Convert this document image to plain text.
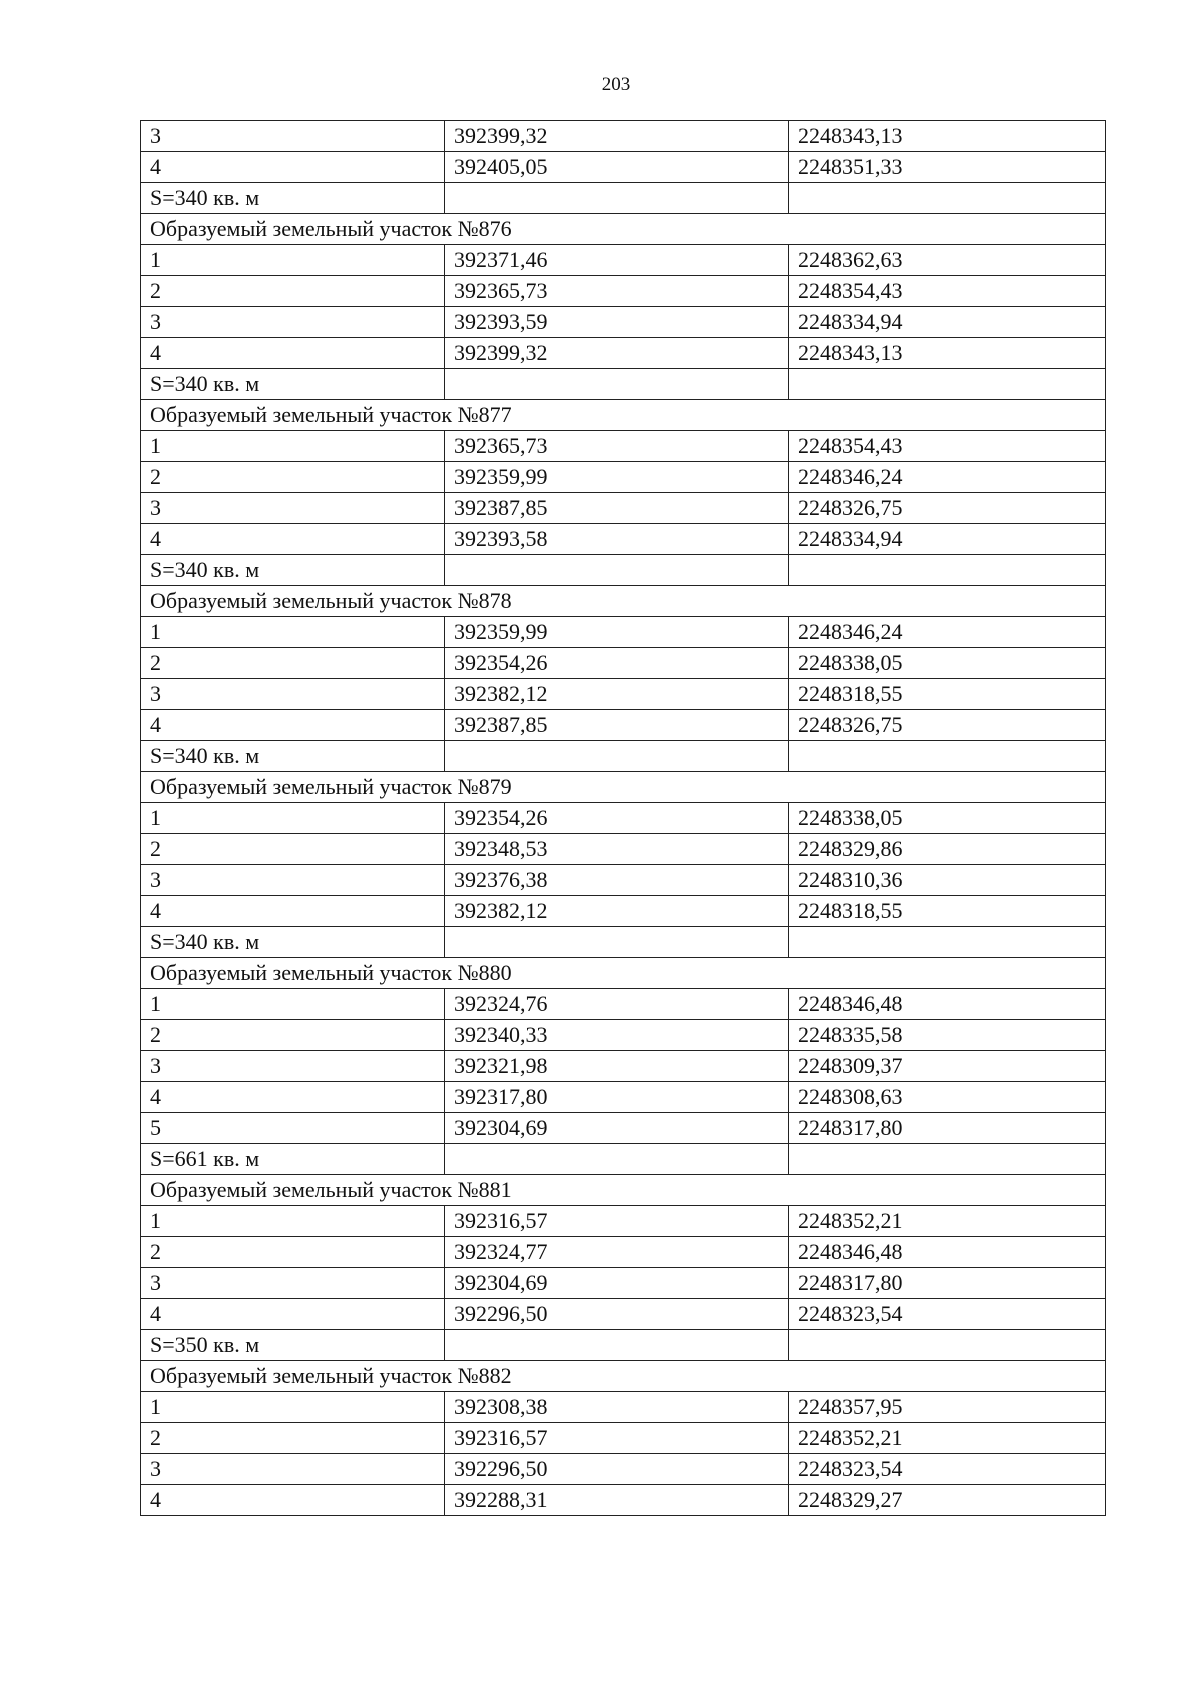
203
3	392399,32	2248343,13
4	392405,05	2248351,33
S=340 кв. м		
Образуемый земельный участок №876		
1	392371,46	2248362,63
2	392365,73	2248354,43
3	392393,59	2248334,94
4	392399,32	2248343,13
S=340 кв. м		
Образуемый земельный участок №877		
1	392365,73	2248354,43
2	392359,99	2248346,24
3	392387,85	2248326,75
4	392393,58	2248334,94
S=340 кв. м		
Образуемый земельный участок №878		
1	392359,99	2248346,24
2	392354,26	2248338,05
3	392382,12	2248318,55
4	392387,85	2248326,75
S=340 кв. м		
Образуемый земельный участок №879		
1	392354,26	2248338,05
2	392348,53	2248329,86
3	392376,38	2248310,36
4	392382,12	2248318,55
S=340 кв. м		
Образуемый земельный участок №880		
1	392324,76	2248346,48
2	392340,33	2248335,58
3	392321,98	2248309,37
4	392317,80	2248308,63
5	392304,69	2248317,80
S=661 кв. м		
Образуемый земельный участок №881		
1	392316,57	2248352,21
2	392324,77	2248346,48
3	392304,69	2248317,80
4	392296,50	2248323,54
S=350 кв. м		
Образуемый земельный участок №882		
1	392308,38	2248357,95
2	392316,57	2248352,21
3	392296,50	2248323,54
4	392288,31	2248329,27
